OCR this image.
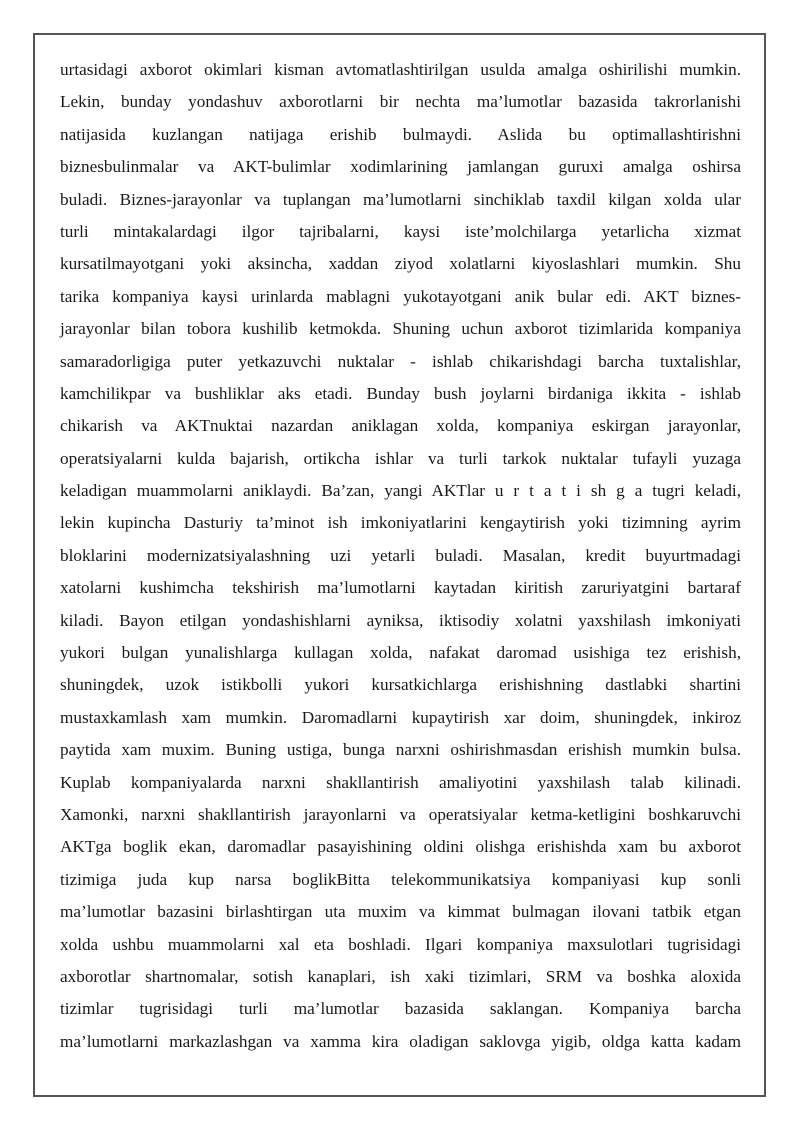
urtasidagi axborot okimlari kisman avtomatlashtirilgan usulda amalga oshirilishi mumkin.
Lekin, bunday yondashuv axborotlarni bir nechta ma’lumotlar bazasida takrorlanishi
natijasida kuzlangan natijaga erishib bulmaydi. Aslida bu optimallashtirishni
biznesbulinmalar va AKT-bulimlar xodimlarining jamlangan guruxi amalga oshirsa
buladi. Biznes-jarayonlar va tuplangan ma’lumotlarni sinchiklab taxdil kilgan xolda ular
turli mintakalardagi ilgor tajribalarni, kaysi iste’molchilarga yetarlicha xizmat
kursatilmayotgani yoki aksincha, xaddan ziyod xolatlarni kiyoslashlari mumkin. Shu
tarika kompaniya kaysi urinlarda mablagni yukotayotgani anik bular edi. AKT biznes-
jarayonlar bilan tobora kushilib ketmokda. Shuning uchun axborot tizimlarida kompaniya
samaradorligiga puter yetkazuvchi nuktalar - ishlab chikarishdagi barcha tuxtalishlar,
kamchilikpar va bushliklar aks etadi. Bunday bush joylarni birdaniga ikkita - ishlab
chikarish va AKTnuktai nazardan aniklagan xolda, kompaniya eskirgan jarayonlar,
operatsiyalarni kulda bajarish, ortikcha ishlar va turli tarkok nuktalar tufayli yuzaga
keladigan muammolarni aniklaydi. Ba’zan, yangi AKTlar u r t a t i sh g a tugri keladi,
lekin kupincha Dasturiy ta’minot ish imkoniyatlarini kengaytirish yoki tizimning ayrim
bloklarini modernizatsiyalashning uzi yetarli buladi. Masalan, kredit buyurtmadagi
xatolarni kushimcha tekshirish ma’lumotlarni kaytadan kiritish zaruriyatgini bartaraf
kiladi. Bayon etilgan yondashishlarni ayniksa, iktisodiy xolatni yaxshilash imkoniyati
yukori bulgan yunalishlarga kullagan xolda, nafakat daromad usishiga tez erishish,
shuningdek, uzok istikbolli yukori kursatkichlarga erishishning dastlabki shartini
mustaxkamlash xam mumkin. Daromadlarni kupaytirish xar doim, shuningdek, inkiroz
paytida xam muxim. Buning ustiga, bunga narxni oshirishmasdan erishish mumkin bulsa.
Kuplab kompaniyalarda narxni shakllantirish amaliyotini yaxshilash talab kilinadi.
Xamonki, narxni shakllantirish jarayonlarni va operatsiyalar ketma-ketligini boshkaruvchi
AKTga boglik ekan, daromadlar pasayishining oldini olishga erishishda xam bu axborot
tizimiga juda kup narsa boglikBitta telekommunikatsiya kompaniyasi kup sonli
ma’lumotlar bazasini birlashtirgan uta muxim va kimmat bulmagan ilovani tatbik etgan
xolda ushbu muammolarni xal eta boshladi. Ilgari kompaniya maxsulotlari tugrisidagi
axborotlar shartnomalar, sotish kanaplari, ish xaki tizimlari, SRM va boshka aloxida
tizimlar tugrisidagi turli ma’lumotlar bazasida saklangan. Kompaniya barcha
ma’lumotlarni markazlashgan va xamma kira oladigan saklovga yigib, oldga katta kadam
